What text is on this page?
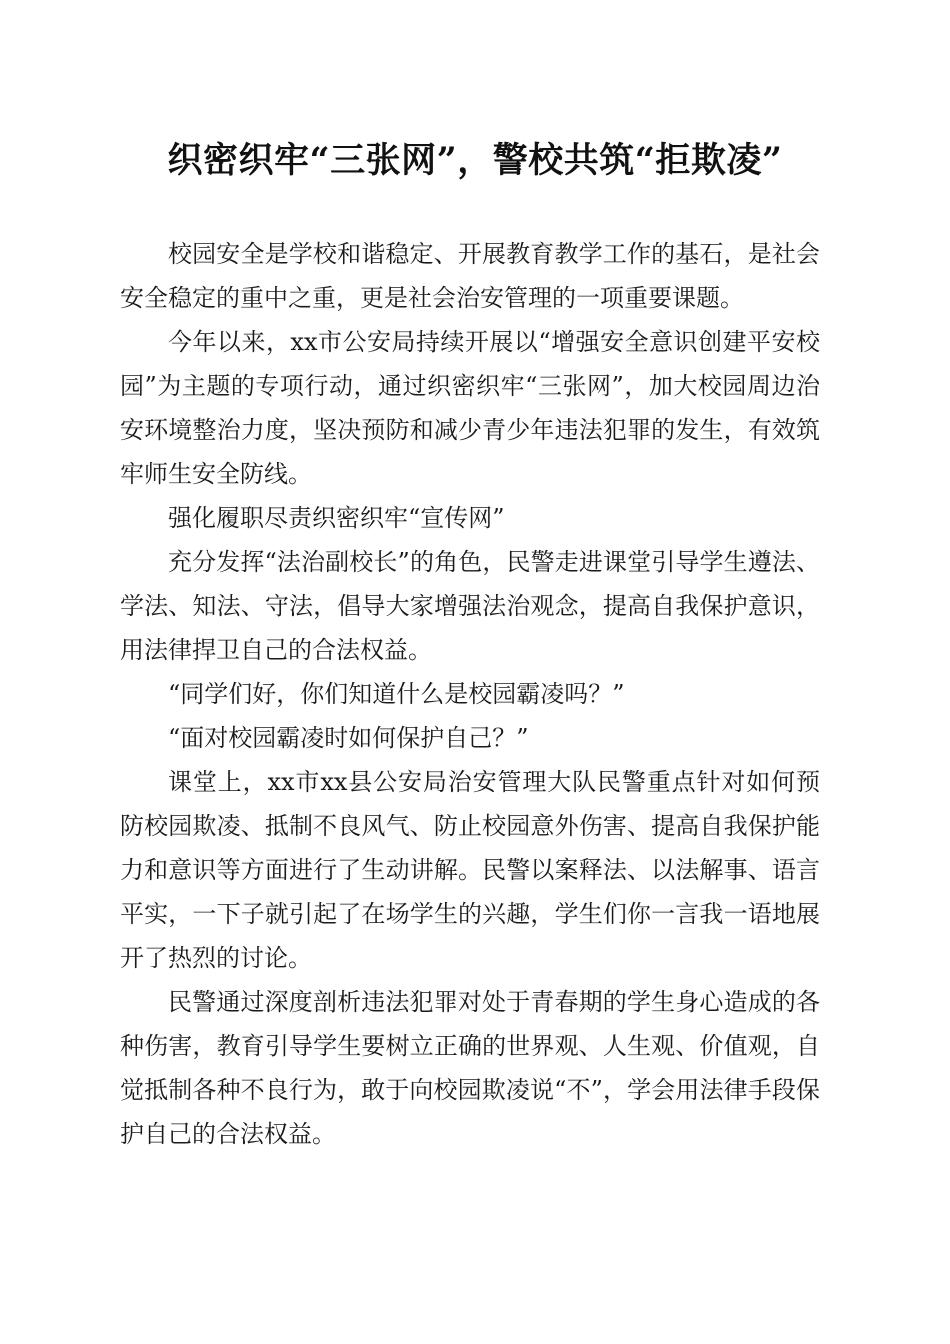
织密织牢“三张网”，警校共筑“拒欺凌”

校园安全是学校和谐稳定、开展教育教学工作的基石，是社会安全稳定的重中之重，更是社会治安管理的一项重要课题。

今年以来，xx市公安局持续开展以“增强安全意识创建平安校园”为主题的专项行动，通过织密织牢“三张网”，加大校园周边治安环境整治力度，坚决预防和减少青少年违法犯罪的发生，有效筑牢师生安全防线。

强化履职尽责织密织牢“宣传网”

充分发挥“法治副校长”的角色，民警走进课堂引导学生遵法、学法、知法、守法，倡导大家增强法治观念，提高自我保护意识，用法律捍卫自己的合法权益。

“同学们好，你们知道什么是校园霸凌吗？”

“面对校园霸凌时如何保护自己？”

课堂上，xx市xx县公安局治安管理大队民警重点针对如何预防校园欺凌、抵制不良风气、防止校园意外伤害、提高自我保护能力和意识等方面进行了生动讲解。民警以案释法、以法解事、语言平实，一下子就引起了在场学生的兴趣，学生们你一言我一语地展开了热烈的讨论。

民警通过深度剖析违法犯罪对处于青春期的学生身心造成的各种伤害，教育引导学生要树立正确的世界观、人生观、价值观，自觉抵制各种不良行为，敢于向校园欺凌说“不”，学会用法律手段保护自己的合法权益。
